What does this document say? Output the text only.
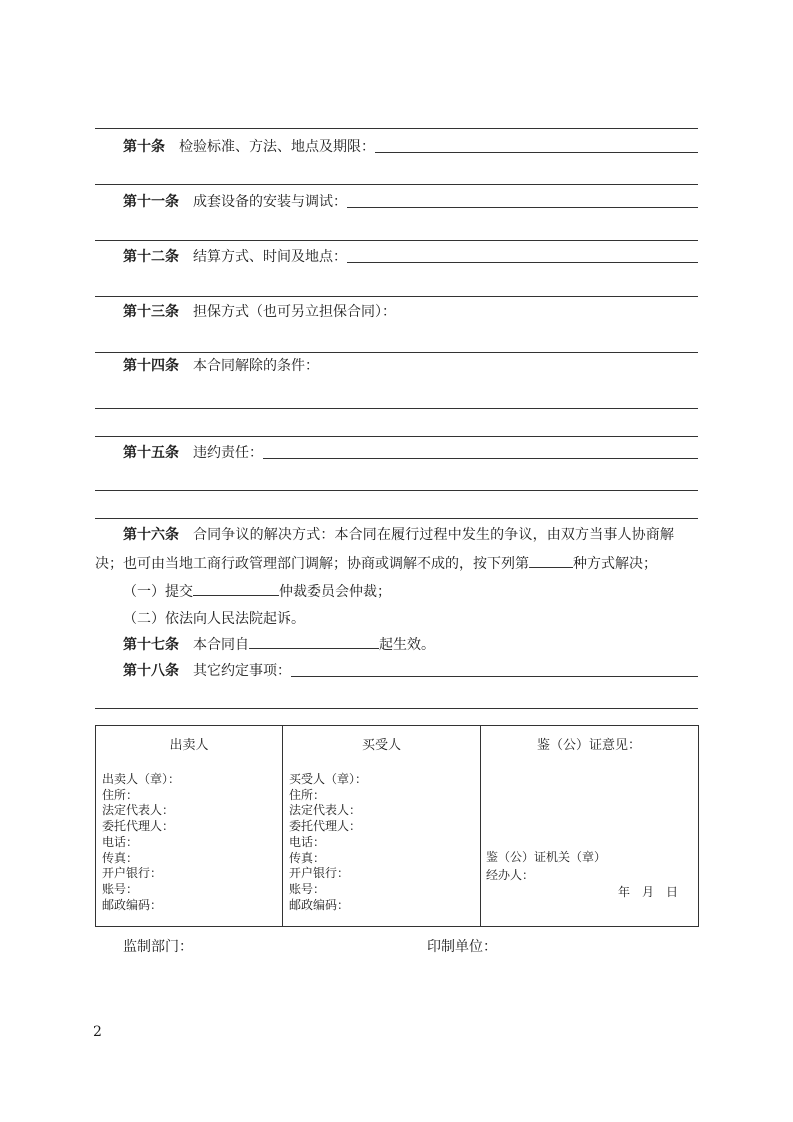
第十条 检验标准、方法、地点及期限：
第十一条 成套设备的安装与调试：
第十二条 结算方式、时间及地点：
第十三条 担保方式（也可另立担保合同）：
第十四条 本合同解除的条件：
第十五条 违约责任：
第十六条 合同争议的解决方式：本合同在履行过程中发生的争议，由双方当事人协商解
决；也可由当地工商行政管理部门调解；协商或调解不成的，按下列第	种方式解决；
（一）提交	仲裁委员会仲裁；
（二）依法向人民法院起诉。
第十七条 本合同自	起生效。
第十八条 其它约定事项：
出卖人
出卖人（章）：
住所：
法定代表人：
委托代理人：
电话：
传真：
开户银行：
账号：
邮政编码：

买受人
买受人（章）：
住所：
法定代表人：
委托代理人：
电话：
传真：
开户银行：
账号：
邮政编码：

鉴（公）证意见：
鉴（公）证机关（章）
经办人：
年　月　日
监制部门：	印制单位：
2
